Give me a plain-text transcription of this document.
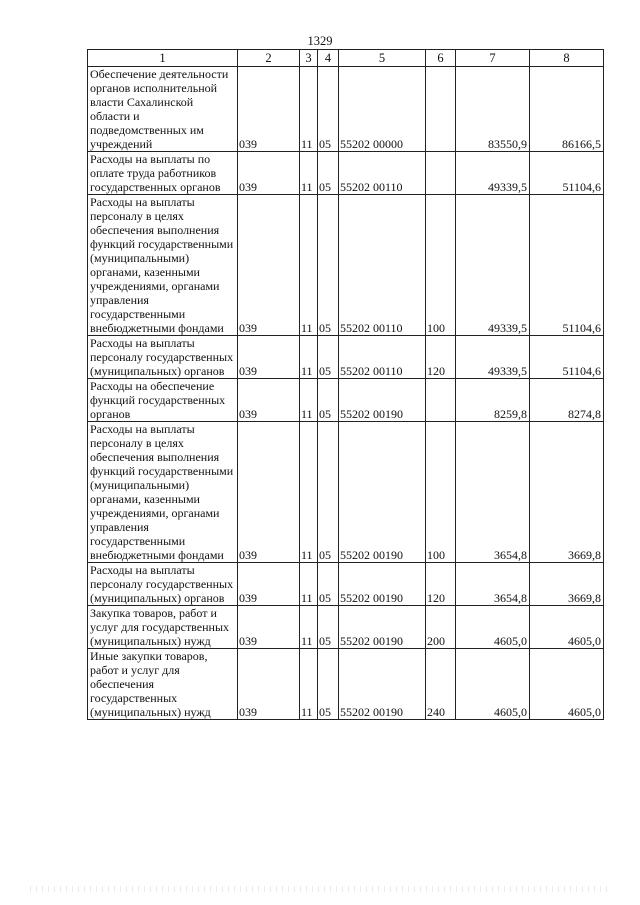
1329
1	2	3	4	5	6	7	8
Обеспечение деятельности органов исполнительной власти Сахалинской области и подведомственных им учреждений	039	11	05	55202 00000		83550,9	86166,5
Расходы на выплаты по оплате труда работников государственных органов	039	11	05	55202 00110		49339,5	51104,6
Расходы на выплаты персоналу в целях обеспечения выполнения функций государственными (муниципальными) органами, казенными учреждениями, органами управления государственными внебюджетными фондами	039	11	05	55202 00110	100	49339,5	51104,6
Расходы на выплаты персоналу государственных (муниципальных) органов	039	11	05	55202 00110	120	49339,5	51104,6
Расходы на обеспечение функций государственных органов	039	11	05	55202 00190		8259,8	8274,8
Расходы на выплаты персоналу в целях обеспечения выполнения функций государственными (муниципальными) органами, казенными учреждениями, органами управления государственными внебюджетными фондами	039	11	05	55202 00190	100	3654,8	3669,8
Расходы на выплаты персоналу государственных (муниципальных) органов	039	11	05	55202 00190	120	3654,8	3669,8
Закупка товаров, работ и услуг для государственных (муниципальных) нужд	039	11	05	55202 00190	200	4605,0	4605,0
Иные закупки товаров, работ и услуг для обеспечения государственных (муниципальных) нужд	039	11	05	55202 00190	240	4605,0	4605,0
